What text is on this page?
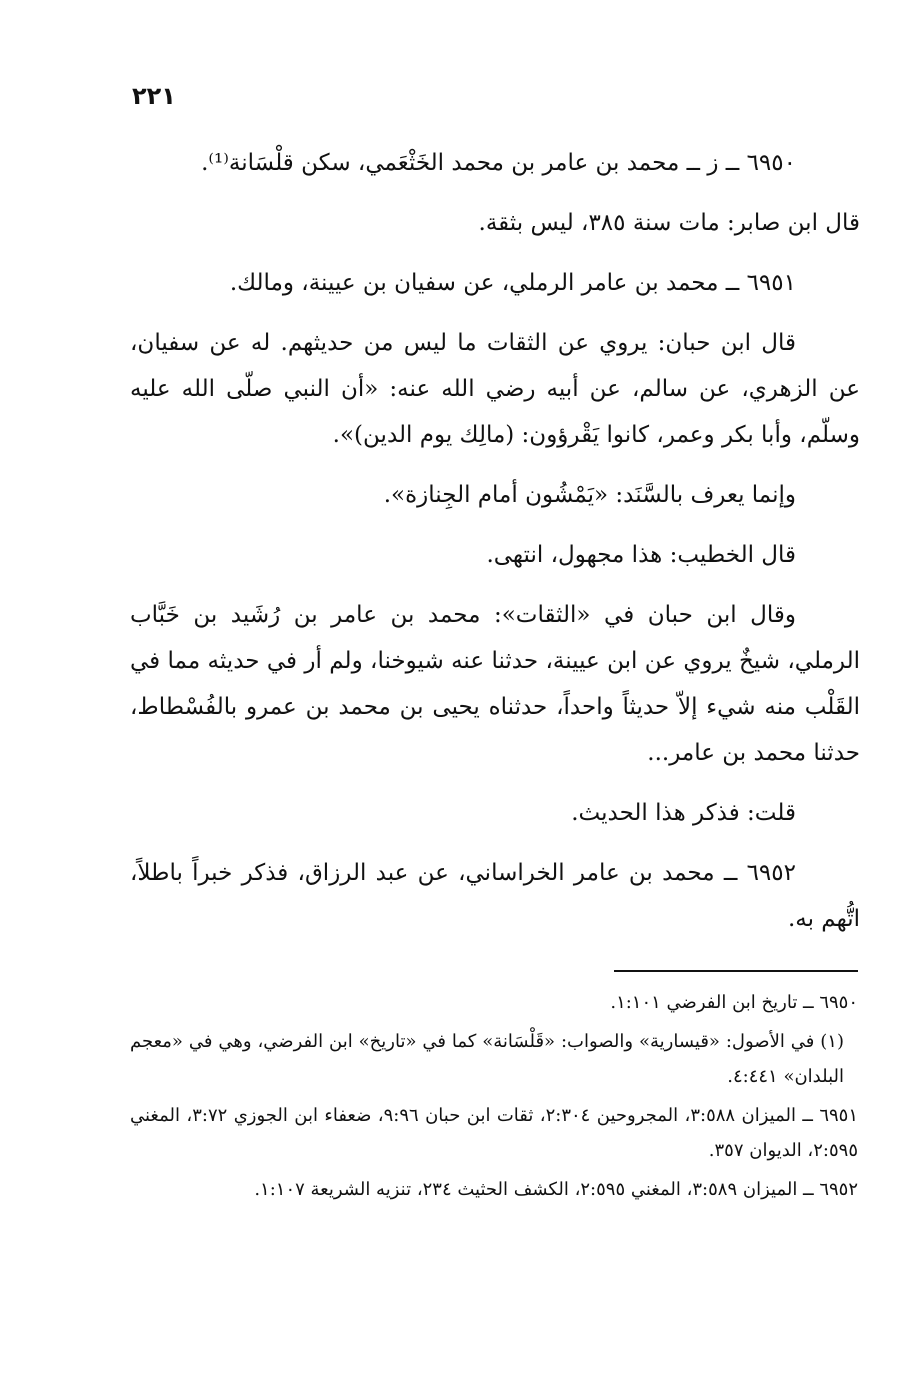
٢٢١

٦٩٥٠ ــ ز ــ محمد بن عامر بن محمد الخَثْعَمي، سكن قلْسَانة⁽¹⁾.

قال ابن صابر: مات سنة ٣٨٥، ليس بثقة.

٦٩٥١ ــ محمد بن عامر الرملي، عن سفيان بن عيينة، ومالك.

قال ابن حبان: يروي عن الثقات ما ليس من حديثهم. له عن سفيان، عن الزهري، عن سالم، عن أبيه رضي الله عنه: «أن النبي صلّى الله عليه وسلّم، وأبا بكر وعمر، كانوا يَقْرؤون: (مالِك يوم الدين)».

وإنما يعرف بالسَّنَد: «يَمْشُون أمام الجِنازة».

قال الخطيب: هذا مجهول، انتهى.

وقال ابن حبان في «الثقات»: محمد بن عامر بن رُشَيد بن خَبَّاب الرملي، شيخٌ يروي عن ابن عيينة، حدثنا عنه شيوخنا، ولم أر في حديثه مما في القَلْب منه شيء إلاّ حديثاً واحداً، حدثناه يحيى بن محمد بن عمرو بالفُسْطاط، حدثنا محمد بن عامر...

قلت: فذكر هذا الحديث.

٦٩٥٢ ــ محمد بن عامر الخراساني، عن عبد الرزاق، فذكر خبراً باطلاً، اتُّهم به.

٦٩٥٠ ــ تاريخ ابن الفرضي ١:١٠١.

(١) في الأصول: «قيسارية» والصواب: «قَلْسَانة» كما في «تاريخ» ابن الفرضي، وهي في «معجم البلدان» ٤:٤٤١.

٦٩٥١ ــ الميزان ٣:٥٨٨، المجروحين ٢:٣٠٤، ثقات ابن حبان ٩:٩٦، ضعفاء ابن الجوزي ٣:٧٢، المغني ٢:٥٩٥، الديوان ٣٥٧.

٦٩٥٢ ــ الميزان ٣:٥٨٩، المغني ٢:٥٩٥، الكشف الحثيث ٢٣٤، تنزيه الشريعة ١:١٠٧.
